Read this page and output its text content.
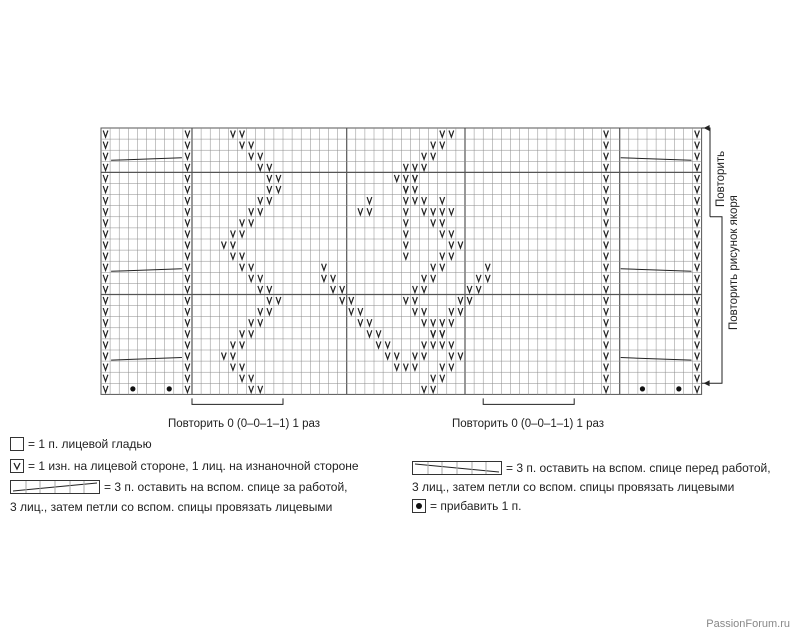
Повторить
Повторить рисунок якоря
Повторить 0 (0–0–1–1) 1 раз	Повторить 0 (0–0–1–1) 1 раз
= 1 п. лицевой гладью
= 1 изн. на лицевой стороне, 1 лиц. на изнаночной стороне
= 3 п. оставить на вспом. спице за работой,
3 лиц., затем петли со вспом. спицы провязать лицевыми
= 3 п. оставить на вспом. спице перед работой,
3 лиц., затем петли со вспом. спицы провязать лицевыми
= прибавить 1 п.
PassionForum.ru
